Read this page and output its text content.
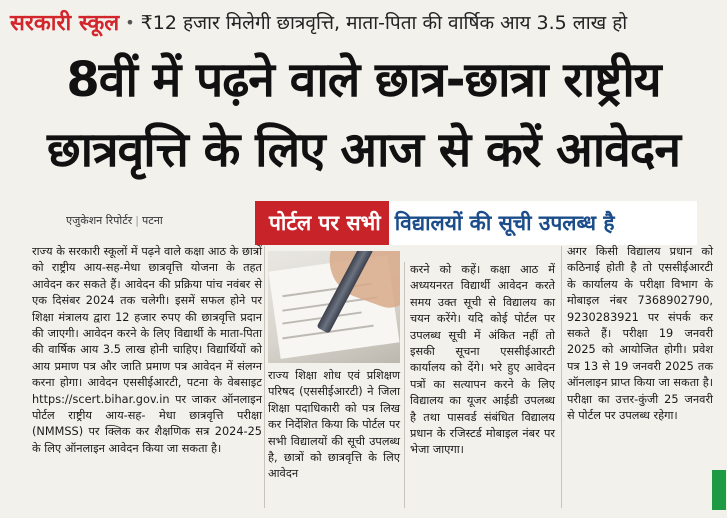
सरकारी स्कूल • ₹12 हजार मिलेगी छात्रवृत्ति, माता-पिता की वार्षिक आय 3.5 लाख हो
8वीं में पढ़ने वाले छात्र-छात्रा राष्ट्रीय
छात्रवृत्ति के लिए आज से करें आवेदन
एजुकेशन रिपोर्टर | पटना	पोर्टल पर सभी विद्यालयों की सूची उपलब्ध है
राज्य के सरकारी स्कूलों में पढ़ने वाले कक्षा आठ के छात्रों को राष्ट्रीय आय-सह-मेधा छात्रवृत्ति योजना के तहत आवेदन कर सकते हैं। आवेदन की प्रक्रिया पांच नवंबर से एक दिसंबर 2024 तक चलेगी। इसमें सफल होने पर शिक्षा मंत्रालय द्वारा 12 हजार रुपए की छात्रवृत्ति प्रदान की जाएगी। आवेदन करने के लिए विद्यार्थी के माता-पिता की वार्षिक आय 3.5 लाख होनी चाहिए। विद्यार्थियों को आय प्रमाण पत्र और जाति प्रमाण पत्र आवेदन में संलग्न करना होगा। आवेदन एससीईआरटी, पटना के वेबसाइट https://scert.bihar.gov.in पर जाकर ऑनलाइन पोर्टल राष्ट्रीय आय-सह- मेधा छात्रवृत्ति परीक्षा (NMMSS) पर क्लिक कर शैक्षणिक सत्र 2024-25 के लिए ऑनलाइन आवेदन किया जा सकता है।
राज्य शिक्षा शोध एवं प्रशिक्षण परिषद (एससीईआरटी) ने जिला शिक्षा पदाधिकारी को पत्र लिख कर निर्देशित किया कि पोर्टल पर सभी विद्यालयों की सूची उपलब्ध है, छात्रों को छात्रवृत्ति के लिए आवेदन
करने को कहें। कक्षा आठ में अध्ययनरत विद्यार्थी आवेदन करते समय उक्त सूची से विद्यालय का चयन करेंगे। यदि कोई पोर्टल पर उपलब्ध सूची में अंकित नहीं तो इसकी सूचना एससीईआरटी कार्यालय को देंगे। भरे हुए आवेदन पत्रों का सत्यापन करने के लिए विद्यालय का यूजर आईडी उपलब्ध है तथा पासवर्ड संबंधित विद्यालय प्रधान के रजिस्टर्ड मोबाइल नंबर पर भेजा जाएगा।
अगर किसी विद्यालय प्रधान को कठिनाई होती है तो एससीईआरटी के कार्यालय के परीक्षा विभाग के मोबाइल नंबर 7368902790, 9230283921 पर संपर्क कर सकते हैं। परीक्षा 19 जनवरी 2025 को आयोजित होगी। प्रवेश पत्र 13 से 19 जनवरी 2025 तक ऑनलाइन प्राप्त किया जा सकता है। परीक्षा का उत्तर-कुंजी 25 जनवरी से पोर्टल पर उपलब्ध रहेगा।
